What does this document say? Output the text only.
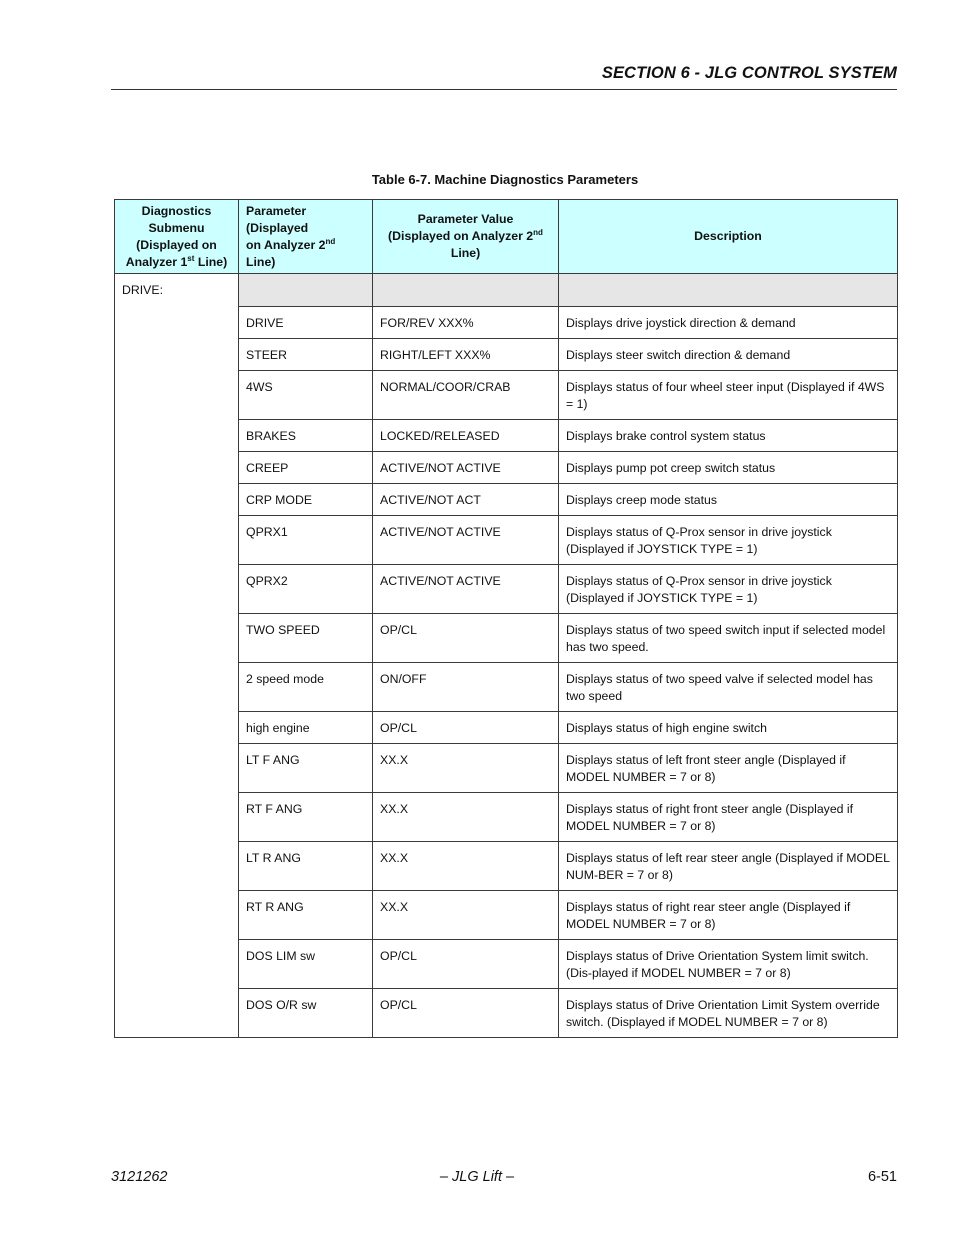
SECTION 6 - JLG CONTROL SYSTEM
Table 6-7. Machine Diagnostics Parameters
Diagnostics
Submenu
(Displayed on
Analyzer 1st Line)	Parameter (Displayed
on Analyzer 2nd Line)	Parameter Value
(Displayed on Analyzer 2nd
Line)	Description
DRIVE:			
	DRIVE	FOR/REV XXX%	Displays drive joystick direction & demand
	STEER	RIGHT/LEFT XXX%	Displays steer switch direction & demand
	4WS	NORMAL/COOR/CRAB	Displays status of four wheel steer input (Displayed if 4WS = 1)
	BRAKES	LOCKED/RELEASED	Displays brake control system status
	CREEP	ACTIVE/NOT ACTIVE	Displays pump pot creep switch status
	CRP MODE	ACTIVE/NOT ACT	Displays creep mode status
	QPRX1	ACTIVE/NOT ACTIVE	Displays status of Q-Prox sensor in drive joystick (Displayed if JOYSTICK TYPE = 1)
	QPRX2	ACTIVE/NOT ACTIVE	Displays status of Q-Prox sensor in drive joystick (Displayed if JOYSTICK TYPE = 1)
	TWO SPEED	OP/CL	Displays status of two speed switch input if selected model has two speed.
	2 speed mode	ON/OFF	Displays status of two speed valve if selected model has two speed
	high engine	OP/CL	Displays status of high engine switch
	LT F ANG	XX.X	Displays status of left front steer angle (Displayed if MODEL NUMBER = 7 or 8)
	RT F ANG	XX.X	Displays status of right front steer angle (Displayed if MODEL NUMBER = 7 or 8)
	LT R ANG	XX.X	Displays status of left rear steer angle (Displayed if MODEL NUM-BER = 7 or 8)
	RT R ANG	XX.X	Displays status of right rear steer angle (Displayed if MODEL NUMBER = 7 or 8)
	DOS LIM sw	OP/CL	Displays status of Drive Orientation System limit switch. (Dis-played if MODEL NUMBER = 7 or 8)
	DOS O/R sw	OP/CL	Displays status of Drive Orientation Limit System override switch. (Displayed if MODEL NUMBER = 7 or 8)
3121262	– JLG Lift –	6-51
